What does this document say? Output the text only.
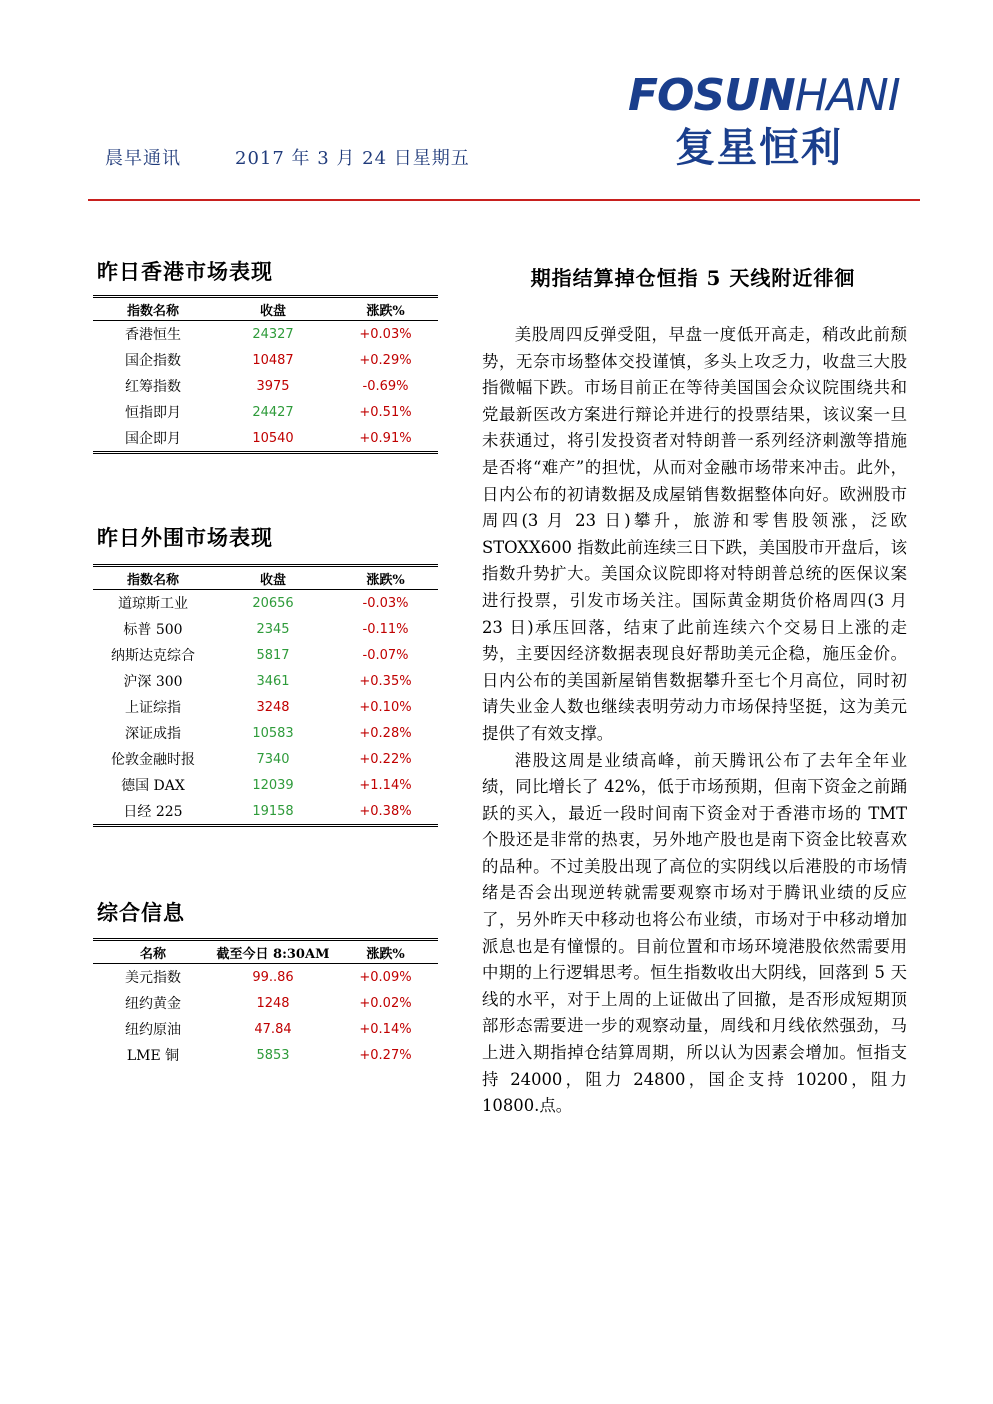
晨早通讯	2017 年 3 月 24 日星期五
FOSUNHANI
复星恒利
昨日香港市场表现
指数名称	收盘	涨跌%
香港恒生	24327	+0.03%
国企指数	10487	+0.29%
红筹指数	3975	-0.69%
恒指即月	24427	+0.51%
国企即月	10540	+0.91%
昨日外围市场表现
指数名称	收盘	涨跌%
道琼斯工业	20656	-0.03%
标普 500	2345	-0.11%
纳斯达克综合	5817	-0.07%
沪深 300	3461	+0.35%
上证综指	3248	+0.10%
深证成指	10583	+0.28%
伦敦金融时报	7340	+0.22%
德国 DAX	12039	+1.14%
日经 225	19158	+0.38%
综合信息
名称	截至今日 8:30AM	涨跌%
美元指数	99..86	+0.09%
纽约黄金	1248	+0.02%
纽约原油	47.84	+0.14%
LME 铜	5853	+0.27%
期指结算掉仓恒指 5 天线附近徘徊

美股周四反弹受阻，早盘一度低开高走，稍改此前颓势，无奈市场整体交投谨慎，多头上攻乏力，收盘三大股指微幅下跌。市场目前正在等待美国国会众议院围绕共和党最新医改方案进行辩论并进行的投票结果，该议案一旦未获通过，将引发投资者对特朗普一系列经济刺激等措施是否将“难产”的担忧，从而对金融市场带来冲击。此外，日内公布的初请数据及成屋销售数据整体向好。欧洲股市周四(3 月 23 日)攀升，旅游和零售股领涨，泛欧 STOXX600 指数此前连续三日下跌，美国股市开盘后，该指数升势扩大。美国众议院即将对特朗普总统的医保议案进行投票，引发市场关注。国际黄金期货价格周四(3 月 23 日)承压回落，结束了此前连续六个交易日上涨的走势，主要因经济数据表现良好帮助美元企稳，施压金价。日内公布的美国新屋销售数据攀升至七个月高位，同时初请失业金人数也继续表明劳动力市场保持坚挺，这为美元提供了有效支撑。

港股这周是业绩高峰，前天腾讯公布了去年全年业绩，同比增长了 42%，低于市场预期，但南下资金之前踊跃的买入，最近一段时间南下资金对于香港市场的 TMT 个股还是非常的热衷，另外地产股也是南下资金比较喜欢的品种。不过美股出现了高位的实阴线以后港股的市场情绪是否会出现逆转就需要观察市场对于腾讯业绩的反应了，另外昨天中移动也将公布业绩，市场对于中移动增加派息也是有憧憬的。目前位置和市场环境港股依然需要用中期的上行逻辑思考。恒生指数收出大阴线，回落到 5 天线的水平，对于上周的上证做出了回撤，是否形成短期顶部形态需要进一步的观察动量，周线和月线依然强劲，马上进入期指掉仓结算周期，所以认为因素会增加。恒指支持 24000，阻力 24800，国企支持 10200，阻力 10800.点。
